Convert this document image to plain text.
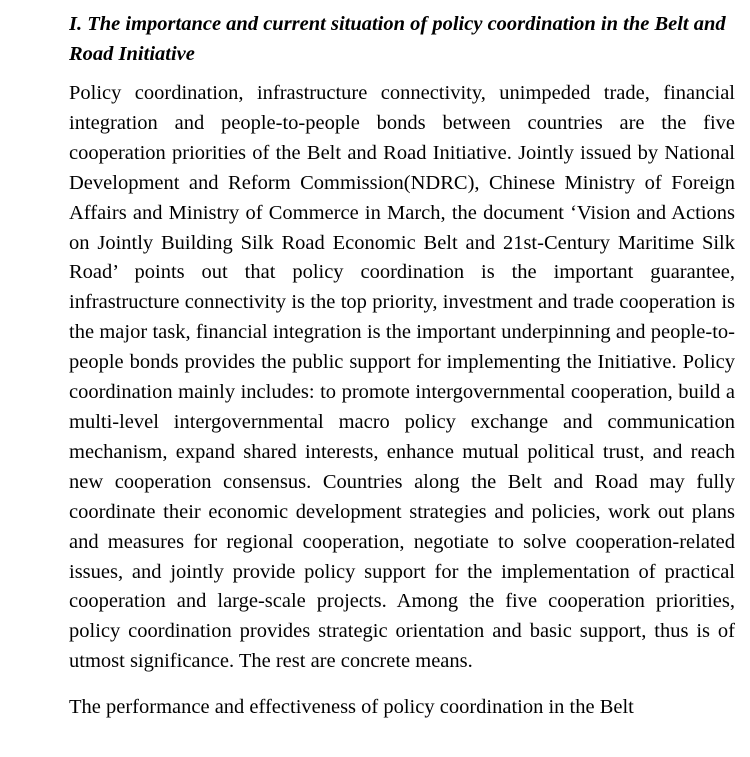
I. The importance and current situation of policy coordination in the Belt and Road Initiative

Policy coordination, infrastructure connectivity, unimpeded trade, financial integration and people-to-people bonds between countries are the five cooperation priorities of the Belt and Road Initiative. Jointly issued by National Development and Reform Commission(NDRC), Chinese Ministry of Foreign Affairs and Ministry of Commerce in March, the document ‘Vision and Actions on Jointly Building Silk Road Economic Belt and 21st-Century Maritime Silk Road’ points out that policy coordination is the important guarantee, infrastructure connectivity is the top priority, investment and trade cooperation is the major task, financial integration is the important underpinning and people-to-people bonds provides the public support for implementing the Initiative. Policy coordination mainly includes: to promote intergovernmental cooperation, build a multi-level intergovernmental macro policy exchange and communication mechanism, expand shared interests, enhance mutual political trust, and reach new cooperation consensus. Countries along the Belt and Road may fully coordinate their economic development strategies and policies, work out plans and measures for regional cooperation, negotiate to solve cooperation-related issues, and jointly provide policy support for the implementation of practical cooperation and large-scale projects. Among the five cooperation priorities, policy coordination provides strategic orientation and basic support, thus is of utmost significance. The rest are concrete means.

The performance and effectiveness of policy coordination in the Belt
